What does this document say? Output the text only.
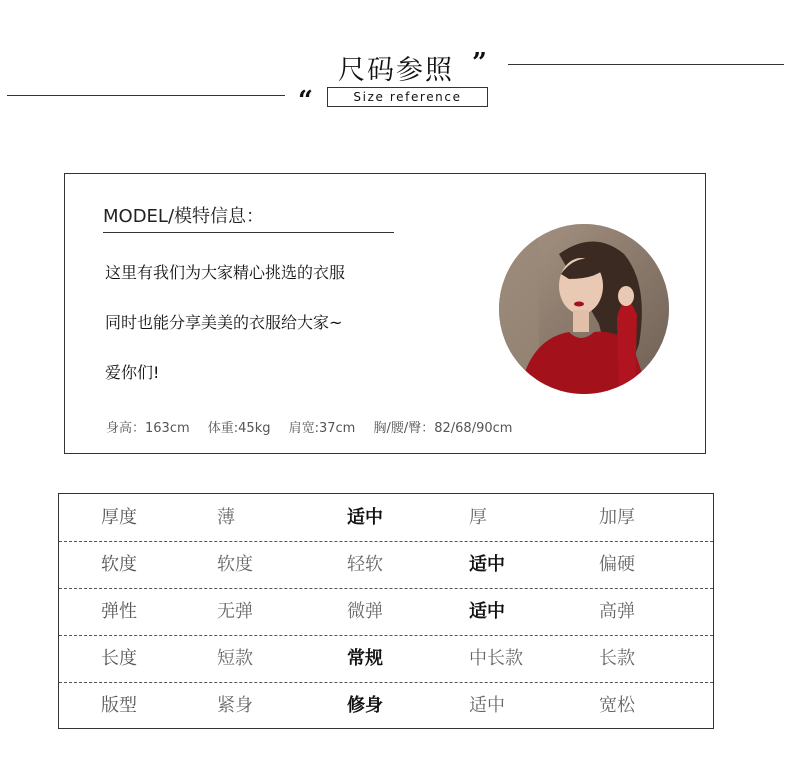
尺码参照
“
”
Size reference
MODEL/模特信息：
这里有我们为大家精心挑选的衣服
同时也能分享美美的衣服给大家~
爱你们!
身高：163cm 体重:45kg 肩宽:37cm 胸/腰/臀：82/68/90cm
厚度	薄	适中	厚	加厚
软度	软度	轻软	适中	偏硬
弹性	无弹	微弹	适中	高弹
长度	短款	常规	中长款	长款
版型	紧身	修身	适中	宽松
